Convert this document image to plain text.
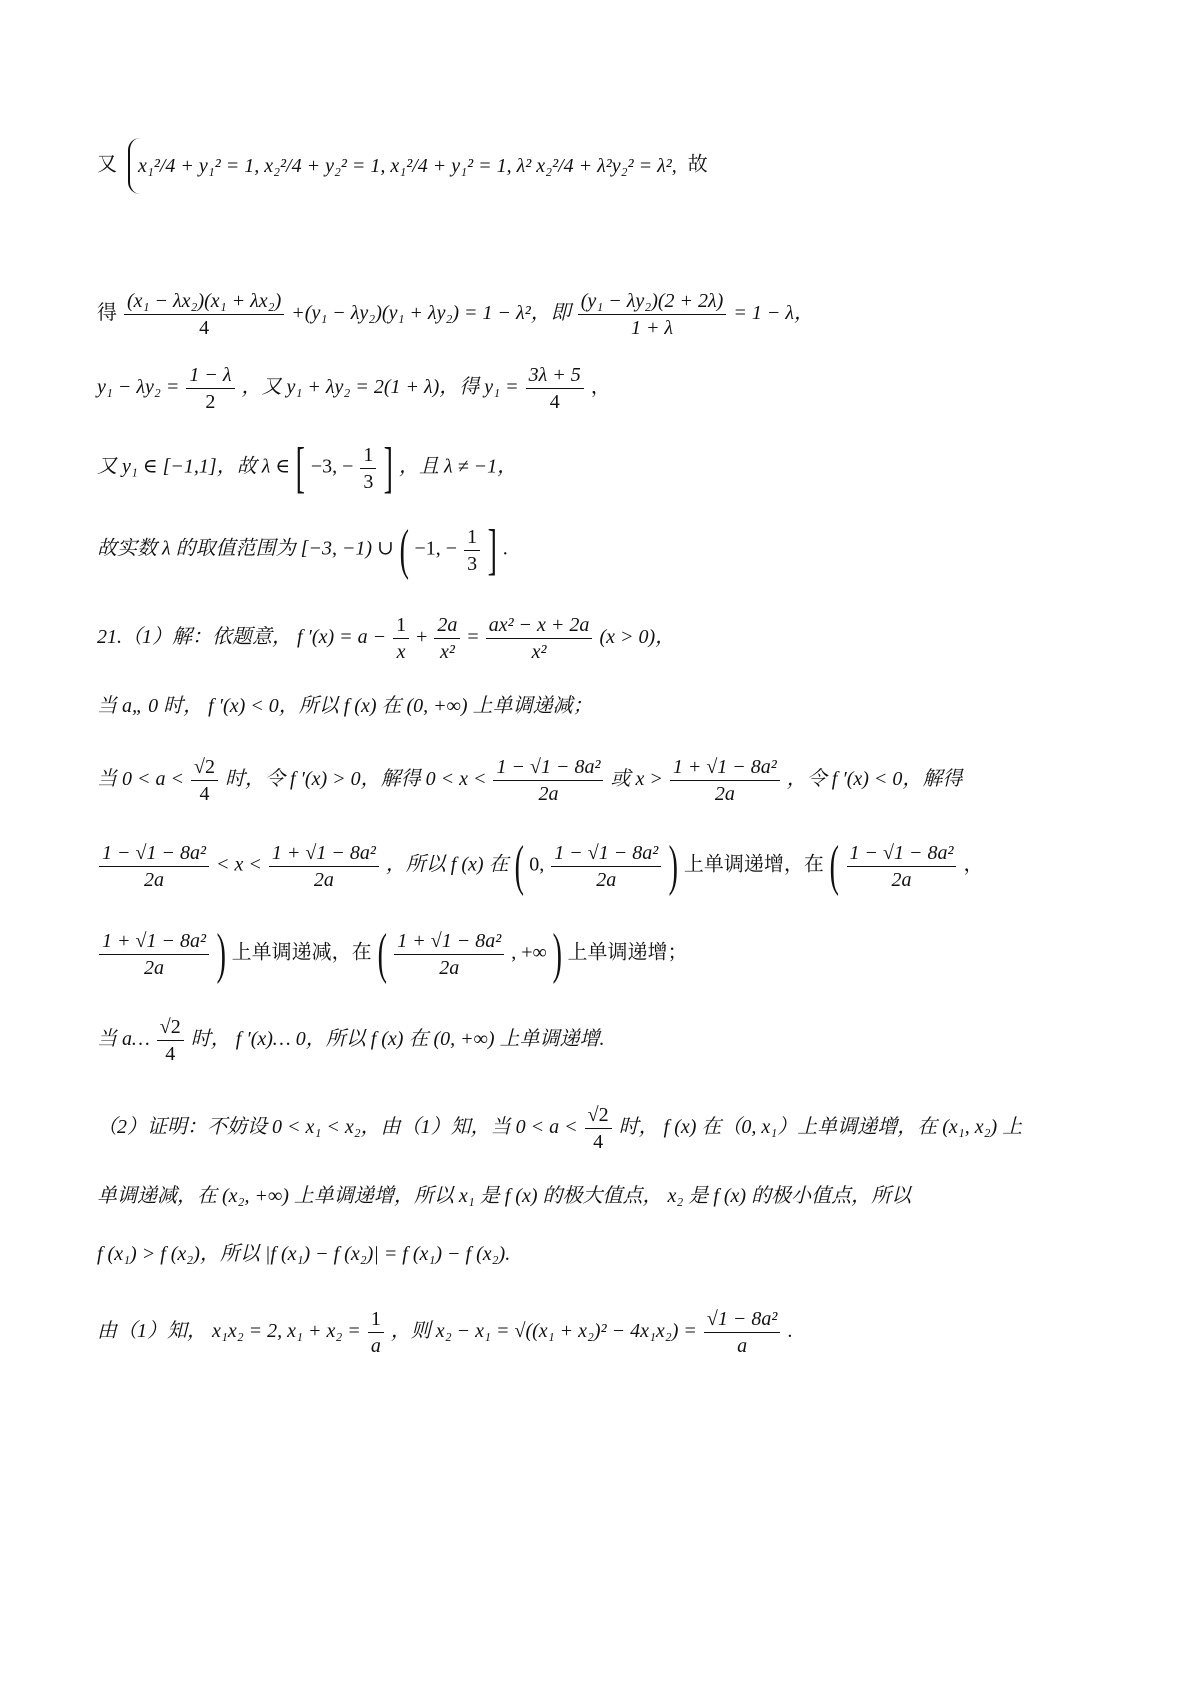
又 x₁²/4 + y₁² = 1, x₂²/4 + y₂² = 1, x₁²/4 + y₁² = 1, λ² x₂²/4 + λ²y₂² = λ², 故
得 $\frac{\text{(x₁ − λx₂)(x₁ + λx₂)}}{4} +(y_1 - \lambda y_2)(y_1 + \lambda y_2) = 1 - \lambda^2$，即 $\frac{\text{(y₁ − λy₂)(2 + 2λ)}}{1 + \lambda} = 1 - \lambda$，
$y_1 - \lambda y_2 = \frac{1 - \lambda}{2}$ ，又 y₁ + λy₂ = 2(1 + λ)，得 $y_1 = \frac{3\lambda + 5}{4}$ ，
又 y₁ ∈ [−1,1]，故 λ ∈ [ −3, − $\frac{1}{3}$ ] ，且 λ ≠ −1，
故实数 λ 的取值范围为 [−3, −1) ∪ ( −1, − $\frac{1}{3}$ ] .
21.（1）解：依题意， f $'(x) = a - \frac{1}{x} + \frac{2a}{\text{x²}} = \frac{\text{ax² − x + 2a}}{\text{x²}} (x > 0)$，
当 a„ 0 时， f ′(x) < 0，所以 f (x) 在 (0, +∞) 上单调递减；
当 $0 < a < \frac{√2}{4}$ 时，令 f ′(x) > 0，解得 $0 < x < \frac{\text{1 − √1 − 8a²}}{2a}$ 或 $x > \frac{\text{1 + √1 − 8a²}}{2a}$ ，令 f ′(x) < 0，解得
$\frac{\text{1 − √1 − 8a²}}{2a} < x < \frac{\text{1 + √1 − 8a²}}{2a}$ ，所以 f (x) 在 ( 0, $\frac{\text{1 − √1 − 8a²}}{2a}$ ) 上单调递增，在 ( $\frac{\text{1 − √1 − 8a²}}{2a}$ ，
$\frac{\text{1 + √1 − 8a²}}{2a}$ ) 上单调递减，在 ( $\frac{\text{1 + √1 − 8a²}}{2a}$ , +∞ ) 上单调递增；
当 a… $\frac{√2}{4}$ 时， f ′(x)… 0，所以 f (x) 在 (0, +∞) 上单调递增.
（2）证明：不妨设 0 < x₁ < x₂，由（1）知，当 $0 < a < \frac{√2}{4}$ 时， f (x) 在（0, x₁）上单调递增，在 (x₁, x₂) 上
单调递减，在 (x₂, +∞) 上单调递增，所以 x₁ 是 f (x) 的极大值点， x₂ 是 f (x) 的极小值点，所以
f (x₁) > f (x₂)，所以 |f (x₁) − f (x₂)| = f (x₁) − f (x₂).
由（1）知， x₁x₂ = 2, $x_1 + x_2 = \frac{1}{a}$ ，则 $x_2 - x_1 = √((x_1 + x_2)^2 - 4x_1x_2) = \frac{\text{√1 − 8a²}}{a}$ .
